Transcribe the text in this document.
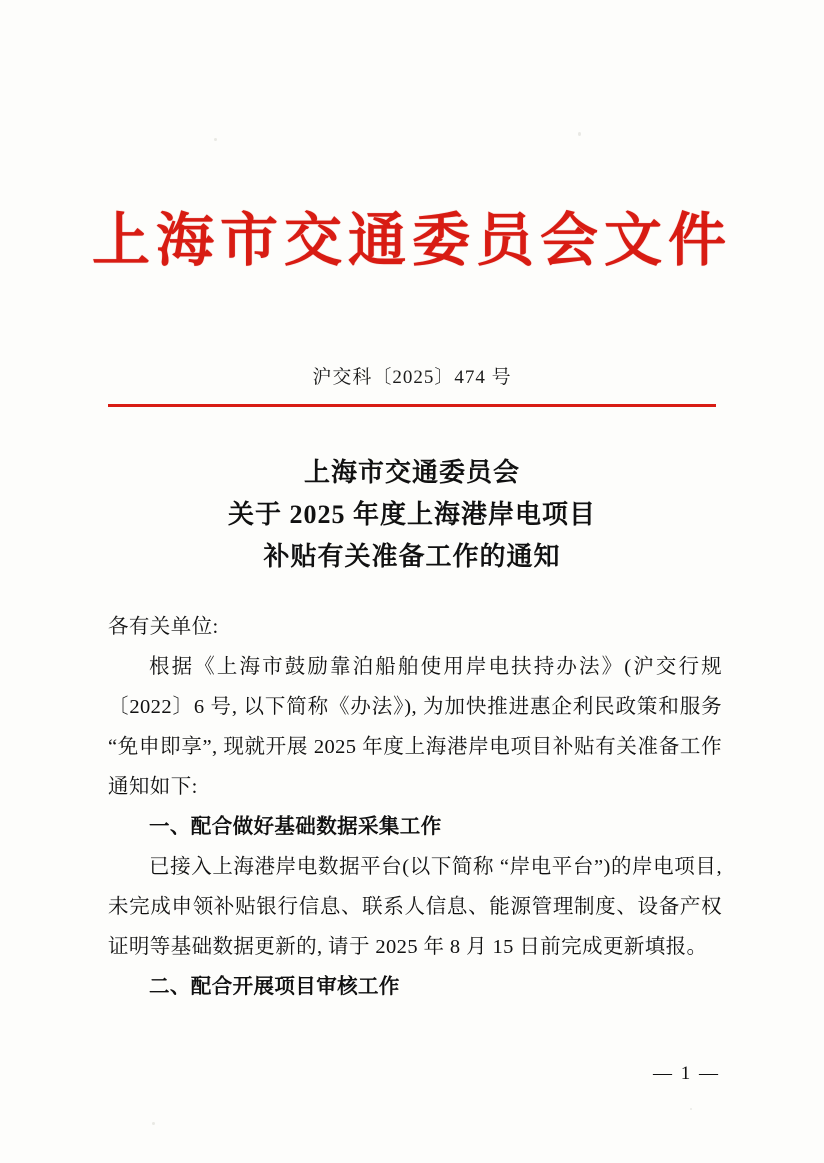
上海市交通委员会文件
沪交科〔2025〕474 号
上海市交通委员会
关于 2025 年度上海港岸电项目
补贴有关准备工作的通知

各有关单位:

根据《上海市鼓励靠泊船舶使用岸电扶持办法》(沪交行规〔2022〕6 号, 以下简称《办法》), 为加快推进惠企利民政策和服务 “免申即享”, 现就开展 2025 年度上海港岸电项目补贴有关准备工作通知如下:

一、配合做好基础数据采集工作

已接入上海港岸电数据平台(以下简称 “岸电平台”)的岸电项目, 未完成申领补贴银行信息、联系人信息、能源管理制度、设备产权证明等基础数据更新的, 请于 2025 年 8 月 15 日前完成更新填报。

二、配合开展项目审核工作

— 1 —
